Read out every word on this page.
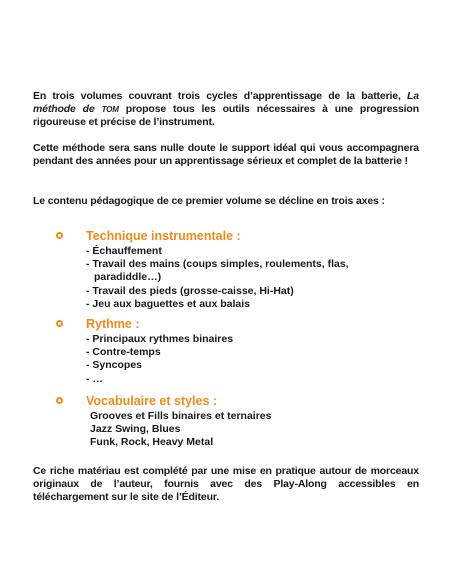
En trois volumes couvrant trois cycles d’apprentissage de la batterie, La méthode de TOM propose tous les outils nécessaires à une progression rigoureuse et précise de l’instrument.
Cette méthode sera sans nulle doute le support idéal qui vous accompagnera pendant des années pour un apprentissage sérieux et complet de la batterie !
Le contenu pédagogique de ce premier volume se décline en trois axes :
Technique instrumentale :
- Échauffement
- Travail des mains (coups simples, roulements, flas,
paradiddle…)
- Travail des pieds (grosse-caisse, Hi-Hat)
- Jeu aux baguettes et aux balais
Rythme :
- Principaux rythmes binaires
- Contre-temps
- Syncopes
- …
Vocabulaire et styles :
Grooves et Fills binaires et ternaires
Jazz Swing, Blues
Funk, Rock, Heavy Metal
Ce riche matériau est complété par une mise en pratique autour de morceaux originaux de l’auteur, fournis avec des Play-Along accessibles en téléchargement sur le site de l’Éditeur.
